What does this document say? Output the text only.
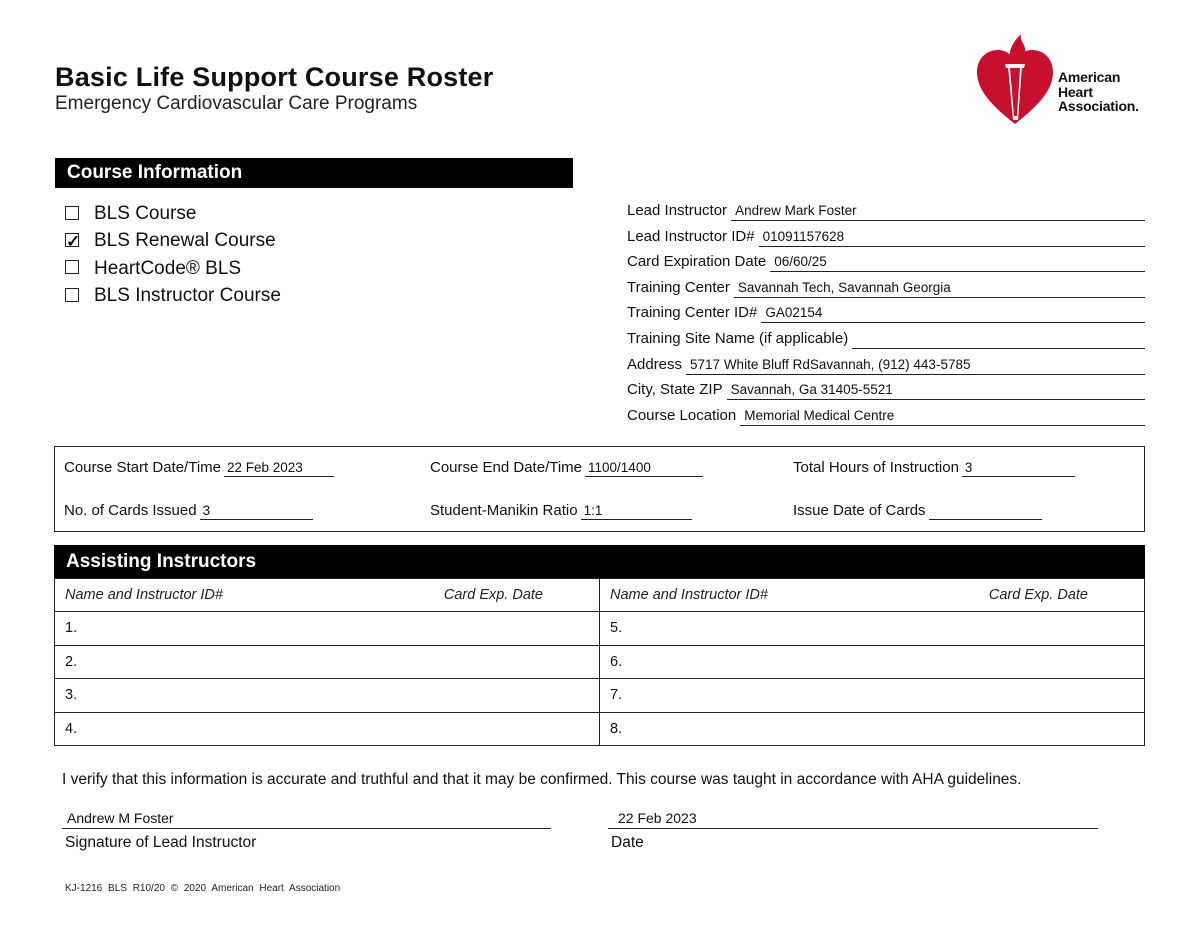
Basic Life Support Course Roster
Emergency Cardiovascular Care Programs
American
Heart
Association.
Course Information
BLS Course
✓
BLS Renewal Course
HeartCode® BLS
BLS Instructor Course
Lead Instructor Andrew Mark Foster
Lead Instructor ID# 01091157628
Card Expiration Date 06/60/25
Training Center Savannah Tech, Savannah Georgia
Training Center ID# GA02154
Training Site Name (if applicable)
Address 5717 White Bluff RdSavannah, (912) 443-5785
City, State ZIP Savannah, Ga 31405-5521
Course Location Memorial Medical Centre
Course Start Date/Time 22 Feb 2023	Course End Date/Time 1100/1400	Total Hours of Instruction 3
No. of Cards Issued 3	Student-Manikin Ratio 1:1	Issue Date of Cards
Assisting Instructors
Name and Instructor ID# Card Exp. Date	Name and Instructor ID# Card Exp. Date

1.	5.
2.	6.
3.	7.
4.	8.
I verify that this information is accurate and truthful and that it may be confirmed. This course was taught in accordance with AHA guidelines.
Andrew M Foster
Signature of Lead Instructor
22 Feb 2023
Date
KJ-1216 BLS R10/20 © 2020 American Heart Association
